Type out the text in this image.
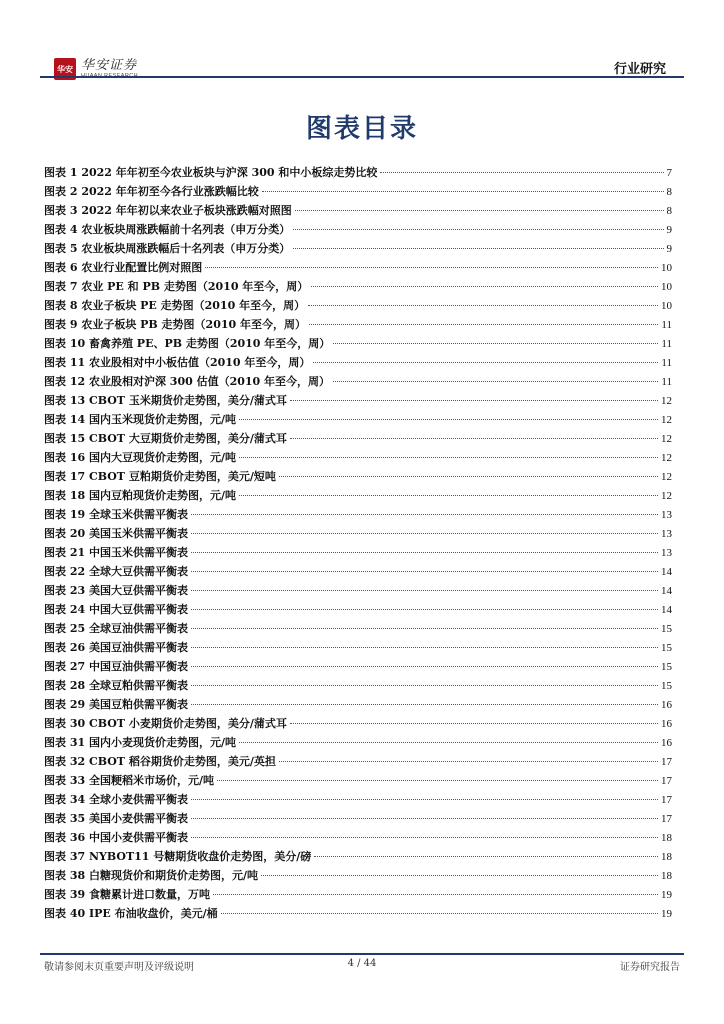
华安 华安证券
HUAAN RESEARCH	行业研究
图表目录
图表 1 2022 年年初至今农业板块与沪深 300 和中小板综走势比较	7
图表 2 2022 年年初至今各行业涨跌幅比较	8
图表 3 2022 年年初以来农业子板块涨跌幅对照图	8
图表 4 农业板块周涨跌幅前十名列表（申万分类）	9
图表 5 农业板块周涨跌幅后十名列表（申万分类）	9
图表 6 农业行业配置比例对照图	10
图表 7 农业 PE 和 PB 走势图（2010 年至今，周）	10
图表 8 农业子板块 PE 走势图（2010 年至今，周）	10
图表 9 农业子板块 PB 走势图（2010 年至今，周）	11
图表 10 畜禽养殖 PE、PB 走势图（2010 年至今，周）	11
图表 11 农业股相对中小板估值（2010 年至今，周）	11
图表 12 农业股相对沪深 300 估值（2010 年至今，周）	11
图表 13 CBOT 玉米期货价走势图，美分/蒲式耳	12
图表 14 国内玉米现货价走势图，元/吨	12
图表 15 CBOT 大豆期货价走势图，美分/蒲式耳	12
图表 16 国内大豆现货价走势图，元/吨	12
图表 17 CBOT 豆粕期货价走势图，美元/短吨	12
图表 18 国内豆粕现货价走势图，元/吨	12
图表 19 全球玉米供需平衡表	13
图表 20 美国玉米供需平衡表	13
图表 21 中国玉米供需平衡表	13
图表 22 全球大豆供需平衡表	14
图表 23 美国大豆供需平衡表	14
图表 24 中国大豆供需平衡表	14
图表 25 全球豆油供需平衡表	15
图表 26 美国豆油供需平衡表	15
图表 27 中国豆油供需平衡表	15
图表 28 全球豆粕供需平衡表	15
图表 29 美国豆粕供需平衡表	16
图表 30 CBOT 小麦期货价走势图，美分/蒲式耳	16
图表 31 国内小麦现货价走势图，元/吨	16
图表 32 CBOT 稻谷期货价走势图，美元/英担	17
图表 33 全国粳稻米市场价，元/吨	17
图表 34 全球小麦供需平衡表	17
图表 35 美国小麦供需平衡表	17
图表 36 中国小麦供需平衡表	18
图表 37 NYBOT11 号糖期货收盘价走势图，美分/磅	18
图表 38 白糖现货价和期货价走势图，元/吨	18
图表 39 食糖累计进口数量，万吨	19
图表 40 IPE 布油收盘价，美元/桶	19
敬请参阅末页重要声明及评级说明	4 / 44	证券研究报告
